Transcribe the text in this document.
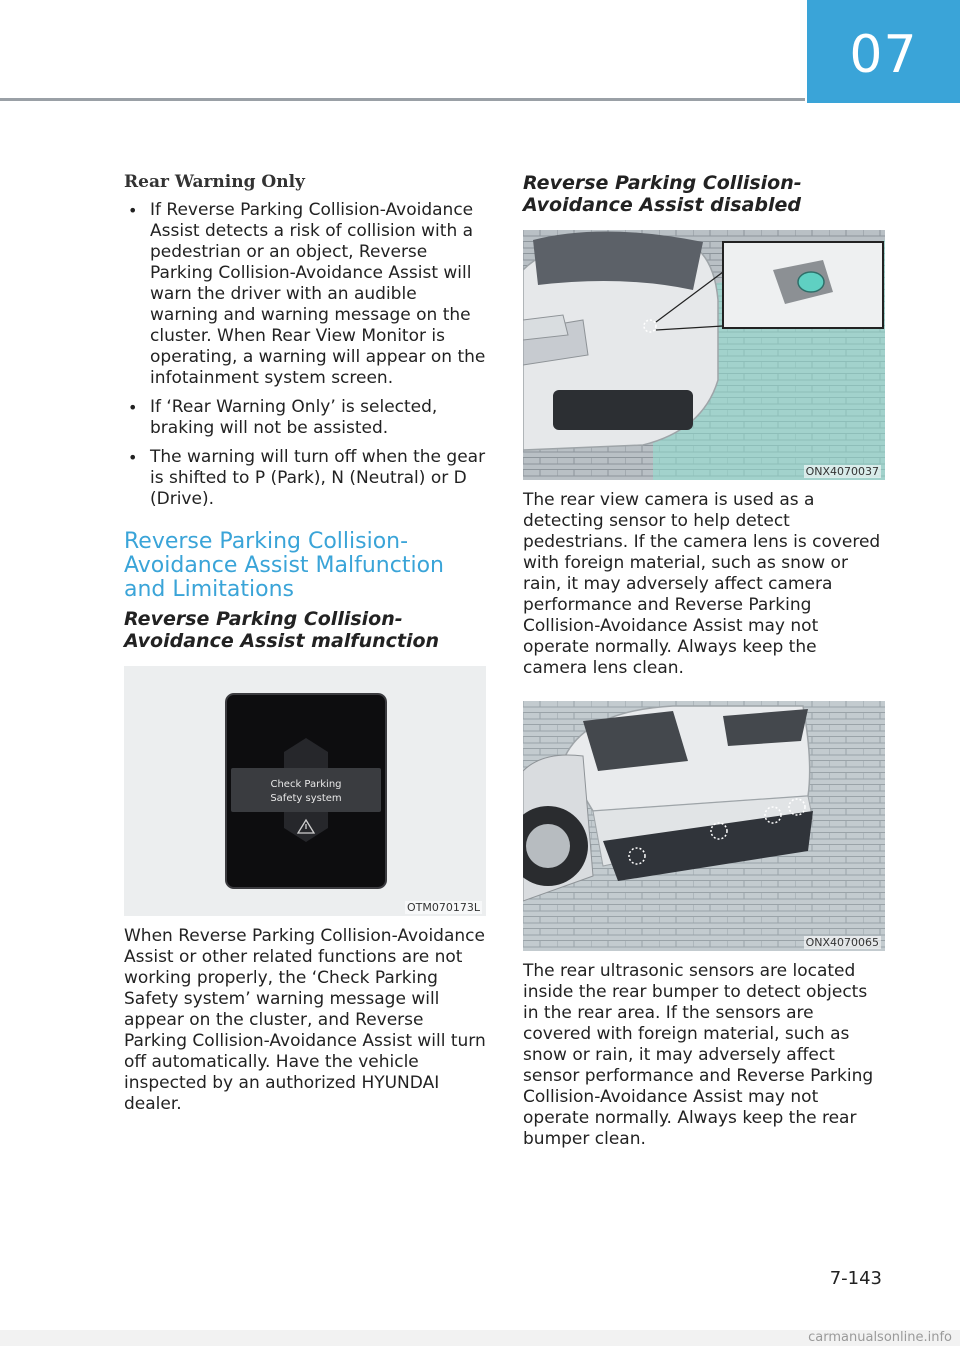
07
Rear Warning Only
• If Reverse Parking Collision-Avoidance Assist detects a risk of collision with a pedestrian or an object, Reverse Parking Collision-Avoidance Assist will warn the driver with an audible warning and warning message on the cluster. When Rear View Monitor is operating, a warning will appear on the infotainment system screen.
• If ‘Rear Warning Only’ is selected, braking will not be assisted.
• The warning will turn off when the gear is shifted to P (Park), N (Neutral) or D (Drive).
Reverse Parking Collision-Avoidance Assist Malfunction and Limitations
Reverse Parking Collision-Avoidance Assist malfunction
Check Parking
Safety system
OTM070173L

When Reverse Parking Collision-Avoidance Assist or other related functions are not working properly, the ‘Check Parking Safety system’ warning message will appear on the cluster, and Reverse Parking Collision-Avoidance Assist will turn off automatically. Have the vehicle inspected by an authorized HYUNDAI dealer.

Reverse Parking Collision-Avoidance Assist disabled
ONX4070037

The rear view camera is used as a detecting sensor to help detect pedestrians. If the camera lens is covered with foreign material, such as snow or rain, it may adversely affect camera performance and Reverse Parking Collision-Avoidance Assist may not operate normally. Always keep the camera lens clean.

ONX4070065

The rear ultrasonic sensors are located inside the rear bumper to detect objects in the rear area. If the sensors are covered with foreign material, such as snow or rain, it may adversely affect sensor performance and Reverse Parking Collision-Avoidance Assist may not operate normally. Always keep the rear bumper clean.

7-143
carmanualsonline.info
